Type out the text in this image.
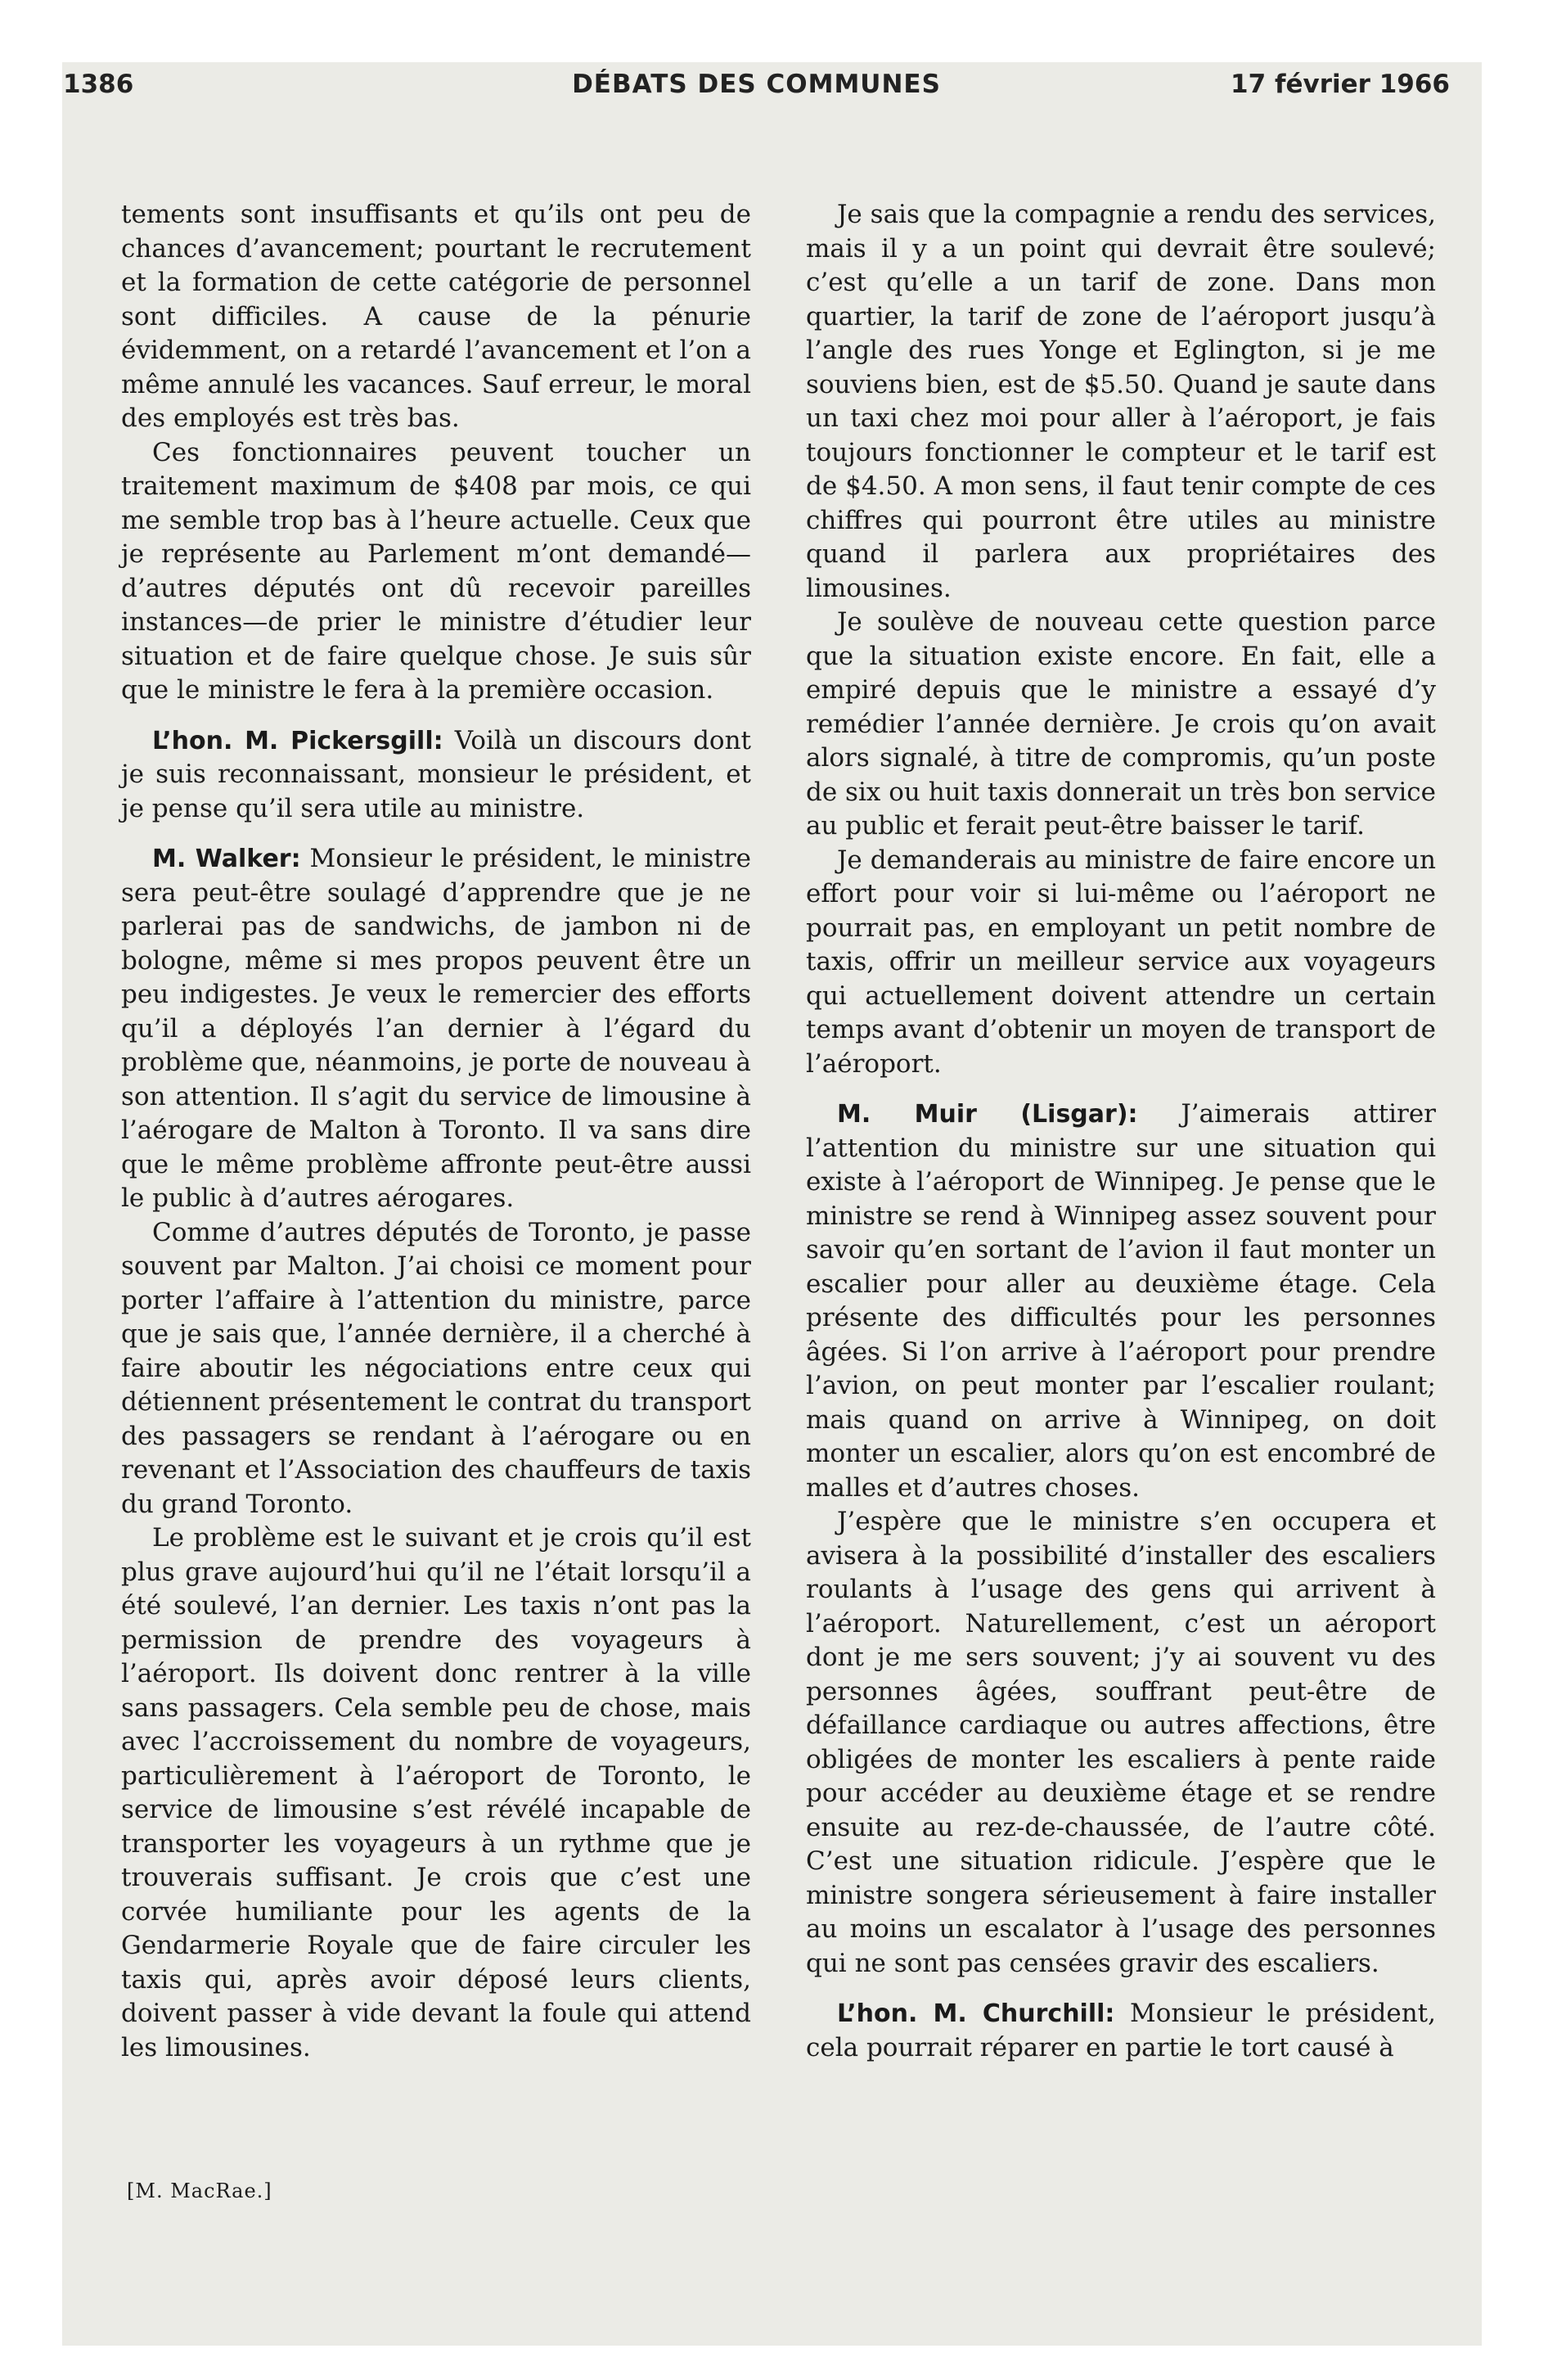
1386	DÉBATS DES COMMUNES	17 février 1966

tements sont insuffisants et qu’ils ont peu de chances d’avancement; pourtant le recrutement et la formation de cette catégorie de personnel sont difficiles. A cause de la pénurie évidemment, on a retardé l’avancement et l’on a même annulé les vacances. Sauf erreur, le moral des employés est très bas.

Ces fonctionnaires peuvent toucher un traitement maximum de $408 par mois, ce qui me semble trop bas à l’heure actuelle. Ceux que je représente au Parlement m’ont demandé—d’autres députés ont dû recevoir pareilles instances—de prier le ministre d’étudier leur situation et de faire quelque chose. Je suis sûr que le ministre le fera à la première occasion.

L’hon. M. Pickersgill: Voilà un discours dont je suis reconnaissant, monsieur le président, et je pense qu’il sera utile au ministre.

M. Walker: Monsieur le président, le ministre sera peut-être soulagé d’apprendre que je ne parlerai pas de sandwichs, de jambon ni de bologne, même si mes propos peuvent être un peu indigestes. Je veux le remercier des efforts qu’il a déployés l’an dernier à l’égard du problème que, néanmoins, je porte de nouveau à son attention. Il s’agit du service de limousine à l’aérogare de Malton à Toronto. Il va sans dire que le même problème affronte peut-être aussi le public à d’autres aérogares.

Comme d’autres députés de Toronto, je passe souvent par Malton. J’ai choisi ce moment pour porter l’affaire à l’attention du ministre, parce que je sais que, l’année dernière, il a cherché à faire aboutir les négociations entre ceux qui détiennent présentement le contrat du transport des passagers se rendant à l’aérogare ou en revenant et l’Association des chauffeurs de taxis du grand Toronto.

Le problème est le suivant et je crois qu’il est plus grave aujourd’hui qu’il ne l’était lorsqu’il a été soulevé, l’an dernier. Les taxis n’ont pas la permission de prendre des voyageurs à l’aéroport. Ils doivent donc rentrer à la ville sans passagers. Cela semble peu de chose, mais avec l’accroissement du nombre de voyageurs, particulièrement à l’aéroport de Toronto, le service de limousine s’est révélé incapable de transporter les voyageurs à un rythme que je trouverais suffisant. Je crois que c’est une corvée humiliante pour les agents de la Gendarmerie Royale que de faire circuler les taxis qui, après avoir déposé leurs clients, doivent passer à vide devant la foule qui attend les limousines.

Je sais que la compagnie a rendu des services, mais il y a un point qui devrait être soulevé; c’est qu’elle a un tarif de zone. Dans mon quartier, la tarif de zone de l’aéroport jusqu’à l’angle des rues Yonge et Eglington, si je me souviens bien, est de $5.50. Quand je saute dans un taxi chez moi pour aller à l’aéroport, je fais toujours fonctionner le compteur et le tarif est de $4.50. A mon sens, il faut tenir compte de ces chiffres qui pourront être utiles au ministre quand il parlera aux propriétaires des limousines.

Je soulève de nouveau cette question parce que la situation existe encore. En fait, elle a empiré depuis que le ministre a essayé d’y remédier l’année dernière. Je crois qu’on avait alors signalé, à titre de compromis, qu’un poste de six ou huit taxis donnerait un très bon service au public et ferait peut-être baisser le tarif.

Je demanderais au ministre de faire encore un effort pour voir si lui-même ou l’aéroport ne pourrait pas, en employant un petit nombre de taxis, offrir un meilleur service aux voyageurs qui actuellement doivent attendre un certain temps avant d’obtenir un moyen de transport de l’aéroport.

M. Muir (Lisgar): J’aimerais attirer l’attention du ministre sur une situation qui existe à l’aéroport de Winnipeg. Je pense que le ministre se rend à Winnipeg assez souvent pour savoir qu’en sortant de l’avion il faut monter un escalier pour aller au deuxième étage. Cela présente des difficultés pour les personnes âgées. Si l’on arrive à l’aéroport pour prendre l’avion, on peut monter par l’escalier roulant; mais quand on arrive à Winnipeg, on doit monter un escalier, alors qu’on est encombré de malles et d’autres choses.

J’espère que le ministre s’en occupera et avisera à la possibilité d’installer des escaliers roulants à l’usage des gens qui arrivent à l’aéroport. Naturellement, c’est un aéroport dont je me sers souvent; j’y ai souvent vu des personnes âgées, souffrant peut-être de défaillance cardiaque ou autres affections, être obligées de monter les escaliers à pente raide pour accéder au deuxième étage et se rendre ensuite au rez-de-chaussée, de l’autre côté. C’est une situation ridicule. J’espère que le ministre songera sérieusement à faire installer au moins un escalator à l’usage des personnes qui ne sont pas censées gravir des escaliers.

L’hon. M. Churchill: Monsieur le président, cela pourrait réparer en partie le tort causé à

[M. MacRae.]
